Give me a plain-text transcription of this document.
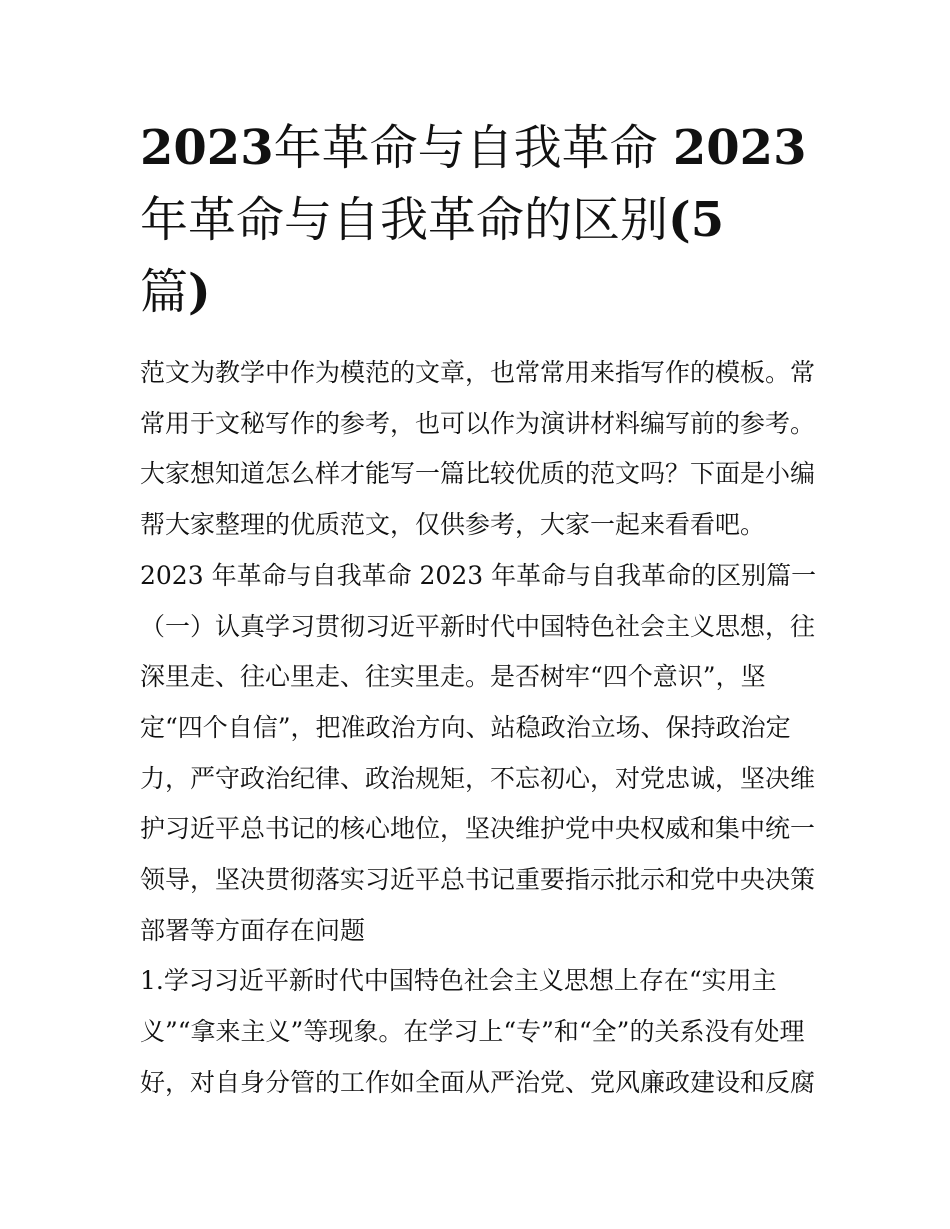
2023年革命与自我革命 2023
年革命与自我革命的区别(5
篇)
范文为教学中作为模范的文章，也常常用来指写作的模板。常
常用于文秘写作的参考，也可以作为演讲材料编写前的参考。
大家想知道怎么样才能写一篇比较优质的范文吗？下面是小编
帮大家整理的优质范文，仅供参考，大家一起来看看吧。
2023 年革命与自我革命 2023 年革命与自我革命的区别篇一
（一）认真学习贯彻习近平新时代中国特色社会主义思想，往
深里走、往心里走、往实里走。是否树牢“四个意识”，坚
定“四个自信”，把准政治方向、站稳政治立场、保持政治定
力，严守政治纪律、政治规矩，不忘初心，对党忠诚，坚决维
护习近平总书记的核心地位，坚决维护党中央权威和集中统一
领导，坚决贯彻落实习近平总书记重要指示批示和党中央决策
部署等方面存在问题
1.学习习近平新时代中国特色社会主义思想上存在“实用主
义”“拿来主义”等现象。在学习上“专”和“全”的关系没有处理
好，对自身分管的工作如全面从严治党、党风廉政建设和反腐
